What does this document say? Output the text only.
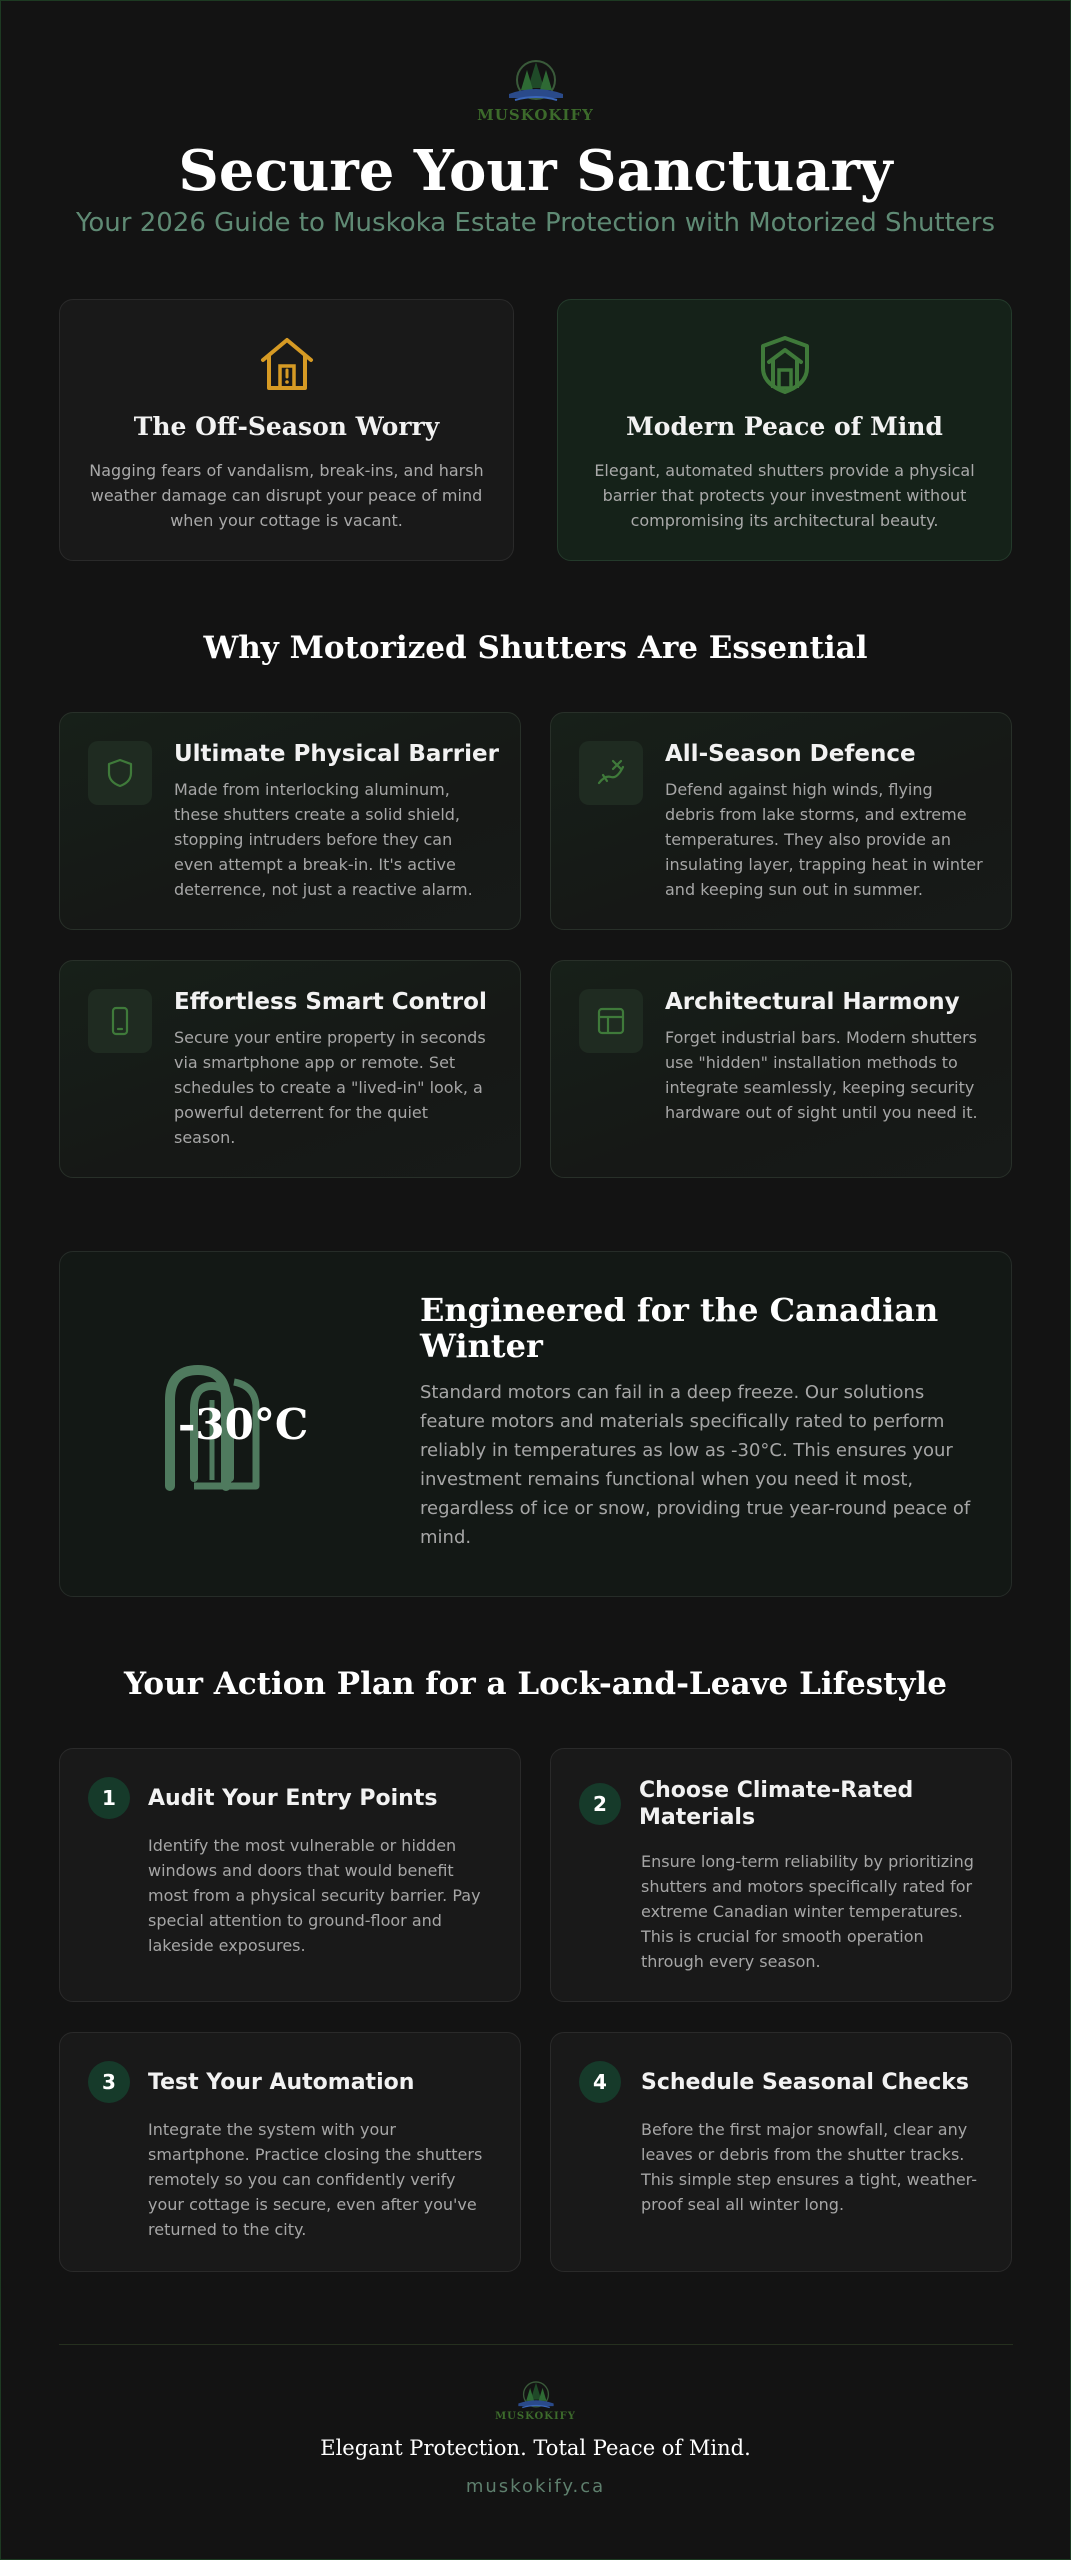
MUSKOKIFY
Secure Your Sanctuary

Your 2026 Guide to Muskoka Estate Protection with Motorized Shutters

The Off-Season Worry

Nagging fears of vandalism, break-ins, and harsh weather damage can disrupt your peace of mind when your cottage is vacant.

Modern Peace of Mind

Elegant, automated shutters provide a physical barrier that protects your investment without compromising its architectural beauty.

Why Motorized Shutters Are Essential
Ultimate Physical Barrier

Made from interlocking aluminum, these shutters create a solid shield, stopping intruders before they can even attempt a break-in. It's active deterrence, not just a reactive alarm.

All-Season Defence

Defend against high winds, flying debris from lake storms, and extreme temperatures. They also provide an insulating layer, trapping heat in winter and keeping sun out in summer.

Effortless Smart Control

Secure your entire property in seconds via smartphone app or remote. Set schedules to create a "lived-in" look, a powerful deterrent for the quiet season.

Architectural Harmony

Forget industrial bars. Modern shutters use "hidden" installation methods to integrate seamlessly, keeping security hardware out of sight until you need it.

-30°C
Engineered for the Canadian Winter

Standard motors can fail in a deep freeze. Our solutions feature motors and materials specifically rated to perform reliably in temperatures as low as -30°C. This ensures your investment remains functional when you need it most, regardless of ice or snow, providing true year-round peace of mind.

Your Action Plan for a Lock-and-Leave Lifestyle
1	Audit Your Entry Points

Identify the most vulnerable or hidden windows and doors that would benefit most from a physical security barrier. Pay special attention to ground-floor and lakeside exposures.

2
Choose Climate-Rated Materials

Ensure long-term reliability by prioritizing shutters and motors specifically rated for extreme Canadian winter temperatures. This is crucial for smooth operation through every season.

3	Test Your Automation

Integrate the system with your smartphone. Practice closing the shutters remotely so you can confidently verify your cottage is secure, even after you've returned to the city.

4	Schedule Seasonal Checks

Before the first major snowfall, clear any leaves or debris from the shutter tracks. This simple step ensures a tight, weather-proof seal all winter long.

MUSKOKIFY

Elegant Protection. Total Peace of Mind.

muskokify.ca
